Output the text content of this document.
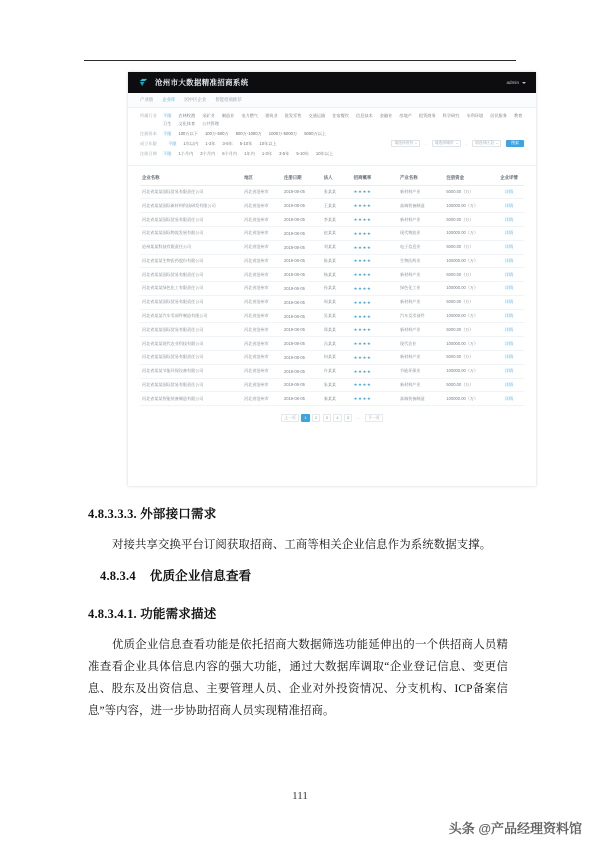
沧州市大数据精准招商系统	admin
产业链 企业库 园中区企业 智能招商推荐
所属行业	不限 农林牧渔 采矿业 制造业 电力燃气 建筑业 批发零售 交通运输 住宿餐饮 信息技术 金融业 房地产 租赁商务 科学研究 水利环境 居民服务 教育
卫生 文化体育 公共管理
注册资本	不限 100万以下 100万-500万 500万-1000万 1000万-5000万 5000万以上
成立年限	不限 1年以内 1-3年 3-5年 5-10年 10年以上	请选择省份	- 请选择城市	- 请选择区县	搜索
注册日期	不限 1个月内 3个月内 6个月内 1年内 1-3年 3-5年 5-10年 10年以上
企业名称	地区	注册日期	法人	招商概率	产业名称	注册资金	企业详情
河北省某某国际贸易有限责任公司	河北省沧州市	2019-08-05	张某某	★★★★	新材料产业	5000.00（万）	详情
河北省某某国际新材料科技研发有限公司	河北省沧州市	2019-08-05	王某某	★★★★	高端装备制造	100000.00（万）	详情
河北省某某国际贸易有限责任公司	河北省沧州市	2019-08-05	李某某	★★★★	新材料产业	5000.00（万）	详情
河北省某某国际物流发展有限公司	河北省沧州市	2019-08-05	赵某某	★★★★	现代物流业	100000.00（万）	详情
沧州某某科技有限责任公司	河北省沧州市	2019-08-05	刘某某	★★★★	电子信息业	5000.00（万）	详情
河北省某某生物医药股份有限公司	河北省沧州市	2019-08-05	陈某某	★★★★	生物医药业	100000.00（万）	详情
河北省某某国际贸易有限责任公司	河北省沧州市	2019-08-05	杨某某	★★★★	新材料产业	5000.00（万）	详情
河北省某某绿色化工有限责任公司	河北省沧州市	2019-08-05	孙某某	★★★★	绿色化工业	100000.00（万）	详情
河北省某某国际贸易有限责任公司	河北省沧州市	2019-08-05	周某某	★★★★	新材料产业	5000.00（万）	详情
河北省某某汽车零部件制造有限公司	河北省沧州市	2019-08-05	吴某某	★★★★	汽车及零部件	100000.00（万）	详情
河北省某某国际贸易有限责任公司	河北省沧州市	2019-08-05	郑某某	★★★★	新材料产业	5000.00（万）	详情
河北省某某现代农业科技有限公司	河北省沧州市	2019-08-05	冯某某	★★★★	现代农业	100000.00（万）	详情
河北省某某国际贸易有限责任公司	河北省沧州市	2019-08-05	何某某	★★★★	新材料产业	5000.00（万）	详情
河北省某某节能环保设备有限公司	河北省沧州市	2019-08-05	许某某	★★★★	节能环保业	100000.00（万）	详情
河北省某某国际贸易有限责任公司	河北省沧州市	2019-08-05	朱某某	★★★★	新材料产业	5000.00（万）	详情
河北省某某智能装备制造有限公司	河北省沧州市	2019-08-05	秦某某	★★★★	高端装备制造	100000.00（万）	详情
上一页	1	2	3	4	5	…	下一页
4.8.3.3.3. 外部接口需求

对接共享交换平台订阅获取招商、工商等相关企业信息作为系统数据支撑。

4.8.3.4 优质企业信息查看
4.8.3.4.1. 功能需求描述

优质企业信息查看功能是依托招商大数据筛选功能延伸出的一个供招商人员精准查看企业具体信息内容的强大功能，通过大数据库调取“企业登记信息、变更信息、股东及出资信息、主要管理人员、企业对外投资情况、分支机构、ICP备案信息”等内容，进一步协助招商人员实现精准招商。

111
头条 @产品经理资料馆
